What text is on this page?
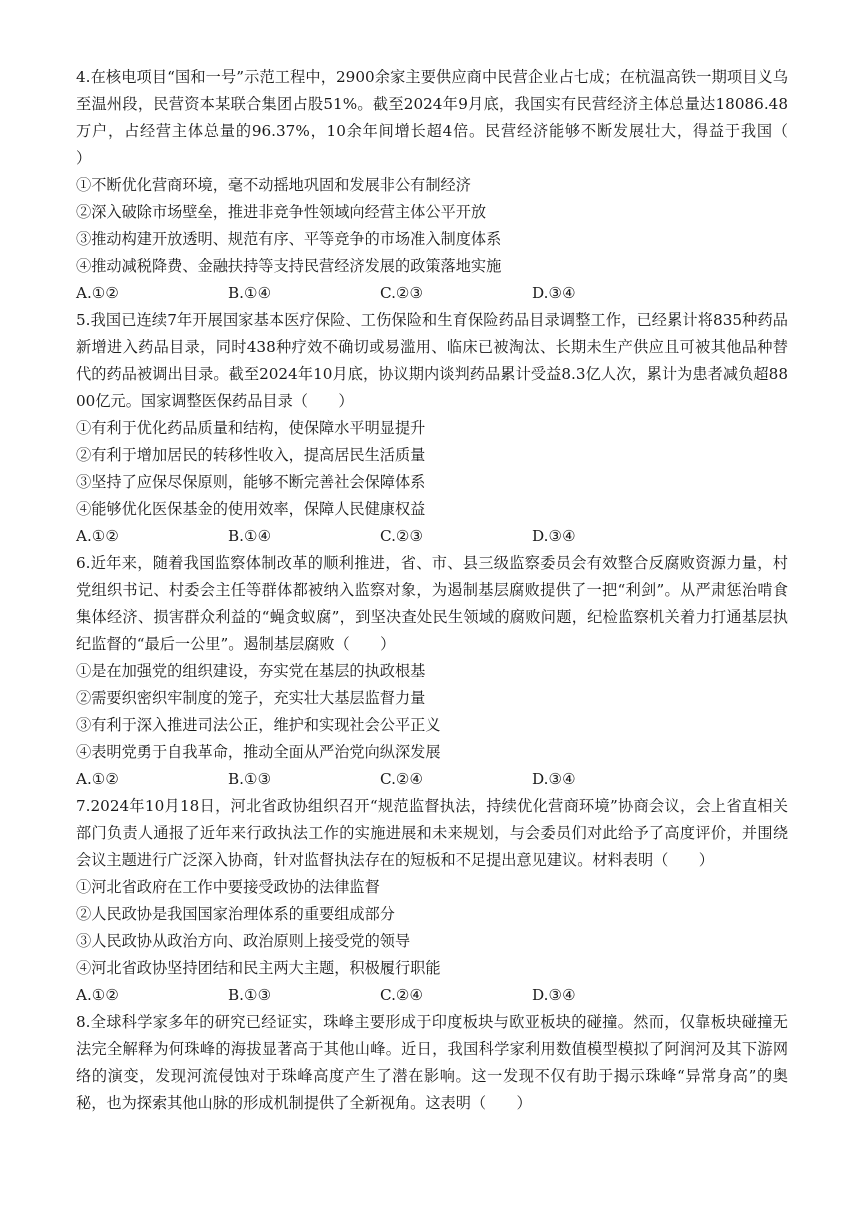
4.在核电项目“国和一号”示范工程中，2900余家主要供应商中民营企业占七成；在杭温高铁一期项目义乌至温州段，民营资本某联合集团占股51%。截至2024年9月底，我国实有民营经济主体总量达18086.48万户，占经营主体总量的96.37%，10余年间增长超4倍。民营经济能够不断发展壮大，得益于我国（　　）

①不断优化营商环境，毫不动摇地巩固和发展非公有制经济

②深入破除市场壁垒，推进非竞争性领域向经营主体公平开放

③推动构建开放透明、规范有序、平等竞争的市场准入制度体系

④推动减税降费、金融扶持等支持民营经济发展的政策落地实施

A.①②	B.①④	C.②③	D.③④

5.我国已连续7年开展国家基本医疗保险、工伤保险和生育保险药品目录调整工作，已经累计将835种药品新增进入药品目录，同时438种疗效不确切或易滥用、临床已被淘汰、长期未生产供应且可被其他品种替代的药品被调出目录。截至2024年10月底，协议期内谈判药品累计受益8.3亿人次，累计为患者减负超8800亿元。国家调整医保药品目录（　　）

①有利于优化药品质量和结构，使保障水平明显提升

②有利于增加居民的转移性收入，提高居民生活质量

③坚持了应保尽保原则，能够不断完善社会保障体系

④能够优化医保基金的使用效率，保障人民健康权益

A.①②	B.①④	C.②③	D.③④

6.近年来，随着我国监察体制改革的顺利推进，省、市、县三级监察委员会有效整合反腐败资源力量，村党组织书记、村委会主任等群体都被纳入监察对象，为遏制基层腐败提供了一把“利剑”。从严肃惩治啃食集体经济、损害群众利益的“蝇贪蚁腐”，到坚决查处民生领域的腐败问题，纪检监察机关着力打通基层执纪监督的“最后一公里”。遏制基层腐败（　　）

①是在加强党的组织建设，夯实党在基层的执政根基

②需要织密织牢制度的笼子，充实壮大基层监督力量

③有利于深入推进司法公正，维护和实现社会公平正义

④表明党勇于自我革命，推动全面从严治党向纵深发展

A.①②	B.①③	C.②④	D.③④

7.2024年10月18日，河北省政协组织召开“规范监督执法，持续优化营商环境”协商会议，会上省直相关部门负责人通报了近年来行政执法工作的实施进展和未来规划，与会委员们对此给予了高度评价，并围绕会议主题进行广泛深入协商，针对监督执法存在的短板和不足提出意见建议。材料表明（　　）

①河北省政府在工作中要接受政协的法律监督

②人民政协是我国国家治理体系的重要组成部分

③人民政协从政治方向、政治原则上接受党的领导

④河北省政协坚持团结和民主两大主题，积极履行职能

A.①②	B.①③	C.②④	D.③④

8.全球科学家多年的研究已经证实，珠峰主要形成于印度板块与欧亚板块的碰撞。然而，仅靠板块碰撞无法完全解释为何珠峰的海拔显著高于其他山峰。近日，我国科学家利用数值模型模拟了阿润河及其下游网络的演变，发现河流侵蚀对于珠峰高度产生了潜在影响。这一发现不仅有助于揭示珠峰“异常身高”的奥秘，也为探索其他山脉的形成机制提供了全新视角。这表明（　　）
